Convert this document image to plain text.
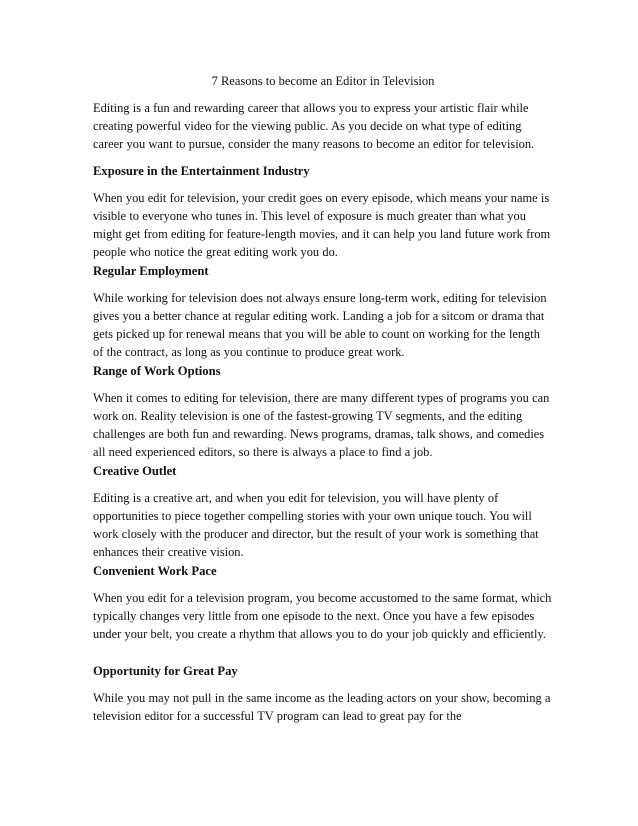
7 Reasons to become an Editor in Television

Editing is a fun and rewarding career that allows you to express your artistic flair while creating powerful video for the viewing public. As you decide on what type of editing career you want to pursue, consider the many reasons to become an editor for television.

Exposure in the Entertainment Industry

When you edit for television, your credit goes on every episode, which means your name is visible to everyone who tunes in. This level of exposure is much greater than what you might get from editing for feature-length movies, and it can help you land future work from people who notice the great editing work you do.

Regular Employment

While working for television does not always ensure long-term work, editing for television gives you a better chance at regular editing work. Landing a job for a sitcom or drama that gets picked up for renewal means that you will be able to count on working for the length of the contract, as long as you continue to produce great work.

Range of Work Options

When it comes to editing for television, there are many different types of programs you can work on. Reality television is one of the fastest-growing TV segments, and the editing challenges are both fun and rewarding. News programs, dramas, talk shows, and comedies all need experienced editors, so there is always a place to find a job.

Creative Outlet

Editing is a creative art, and when you edit for television, you will have plenty of opportunities to piece together compelling stories with your own unique touch. You will work closely with the producer and director, but the result of your work is something that enhances their creative vision.

Convenient Work Pace

When you edit for a television program, you become accustomed to the same format, which typically changes very little from one episode to the next. Once you have a few episodes under your belt, you create a rhythm that allows you to do your job quickly and efficiently.

Opportunity for Great Pay

While you may not pull in the same income as the leading actors on your show, becoming a television editor for a successful TV program can lead to great pay for the
